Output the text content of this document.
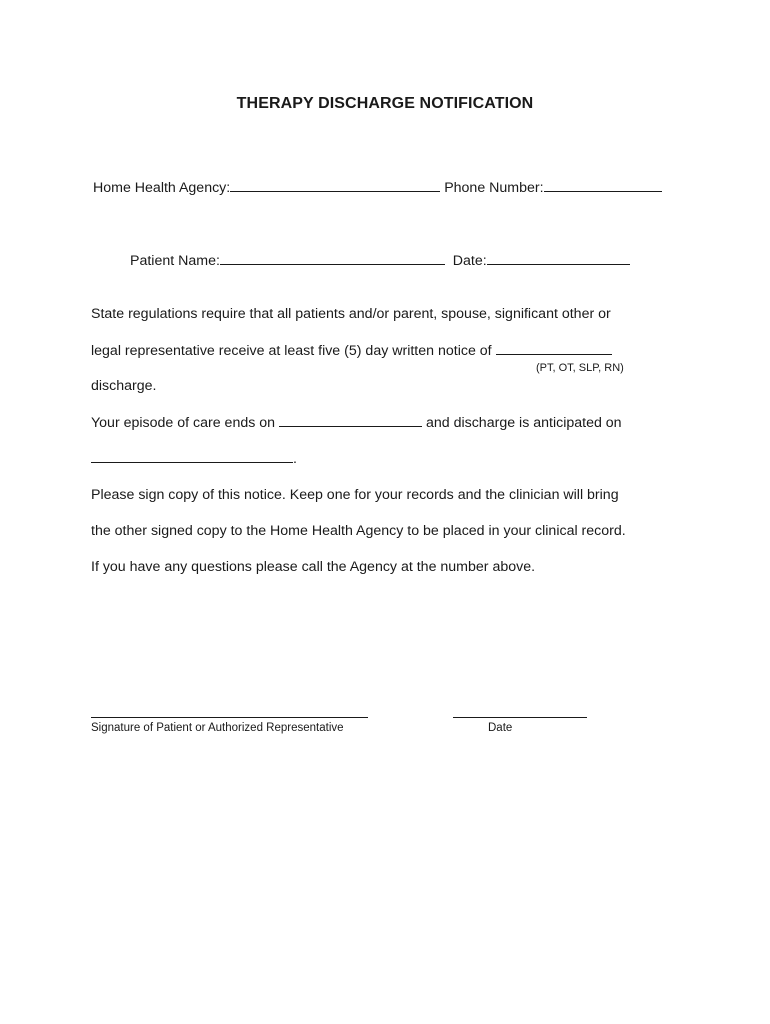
THERAPY DISCHARGE NOTIFICATION
Home Health Agency:	Phone Number:
Patient Name:	Date:
State regulations require that all patients and/or parent, spouse, significant other or
legal representative receive at least five (5) day written notice of
(PT, OT, SLP, RN)
discharge.
Your episode of care ends on	and discharge is anticipated on
.
Please sign copy of this notice. Keep one for your records and the clinician will bring
the other signed copy to the Home Health Agency to be placed in your clinical record.
If you have any questions please call the Agency at the number above.
Signature of Patient or Authorized Representative	Date
